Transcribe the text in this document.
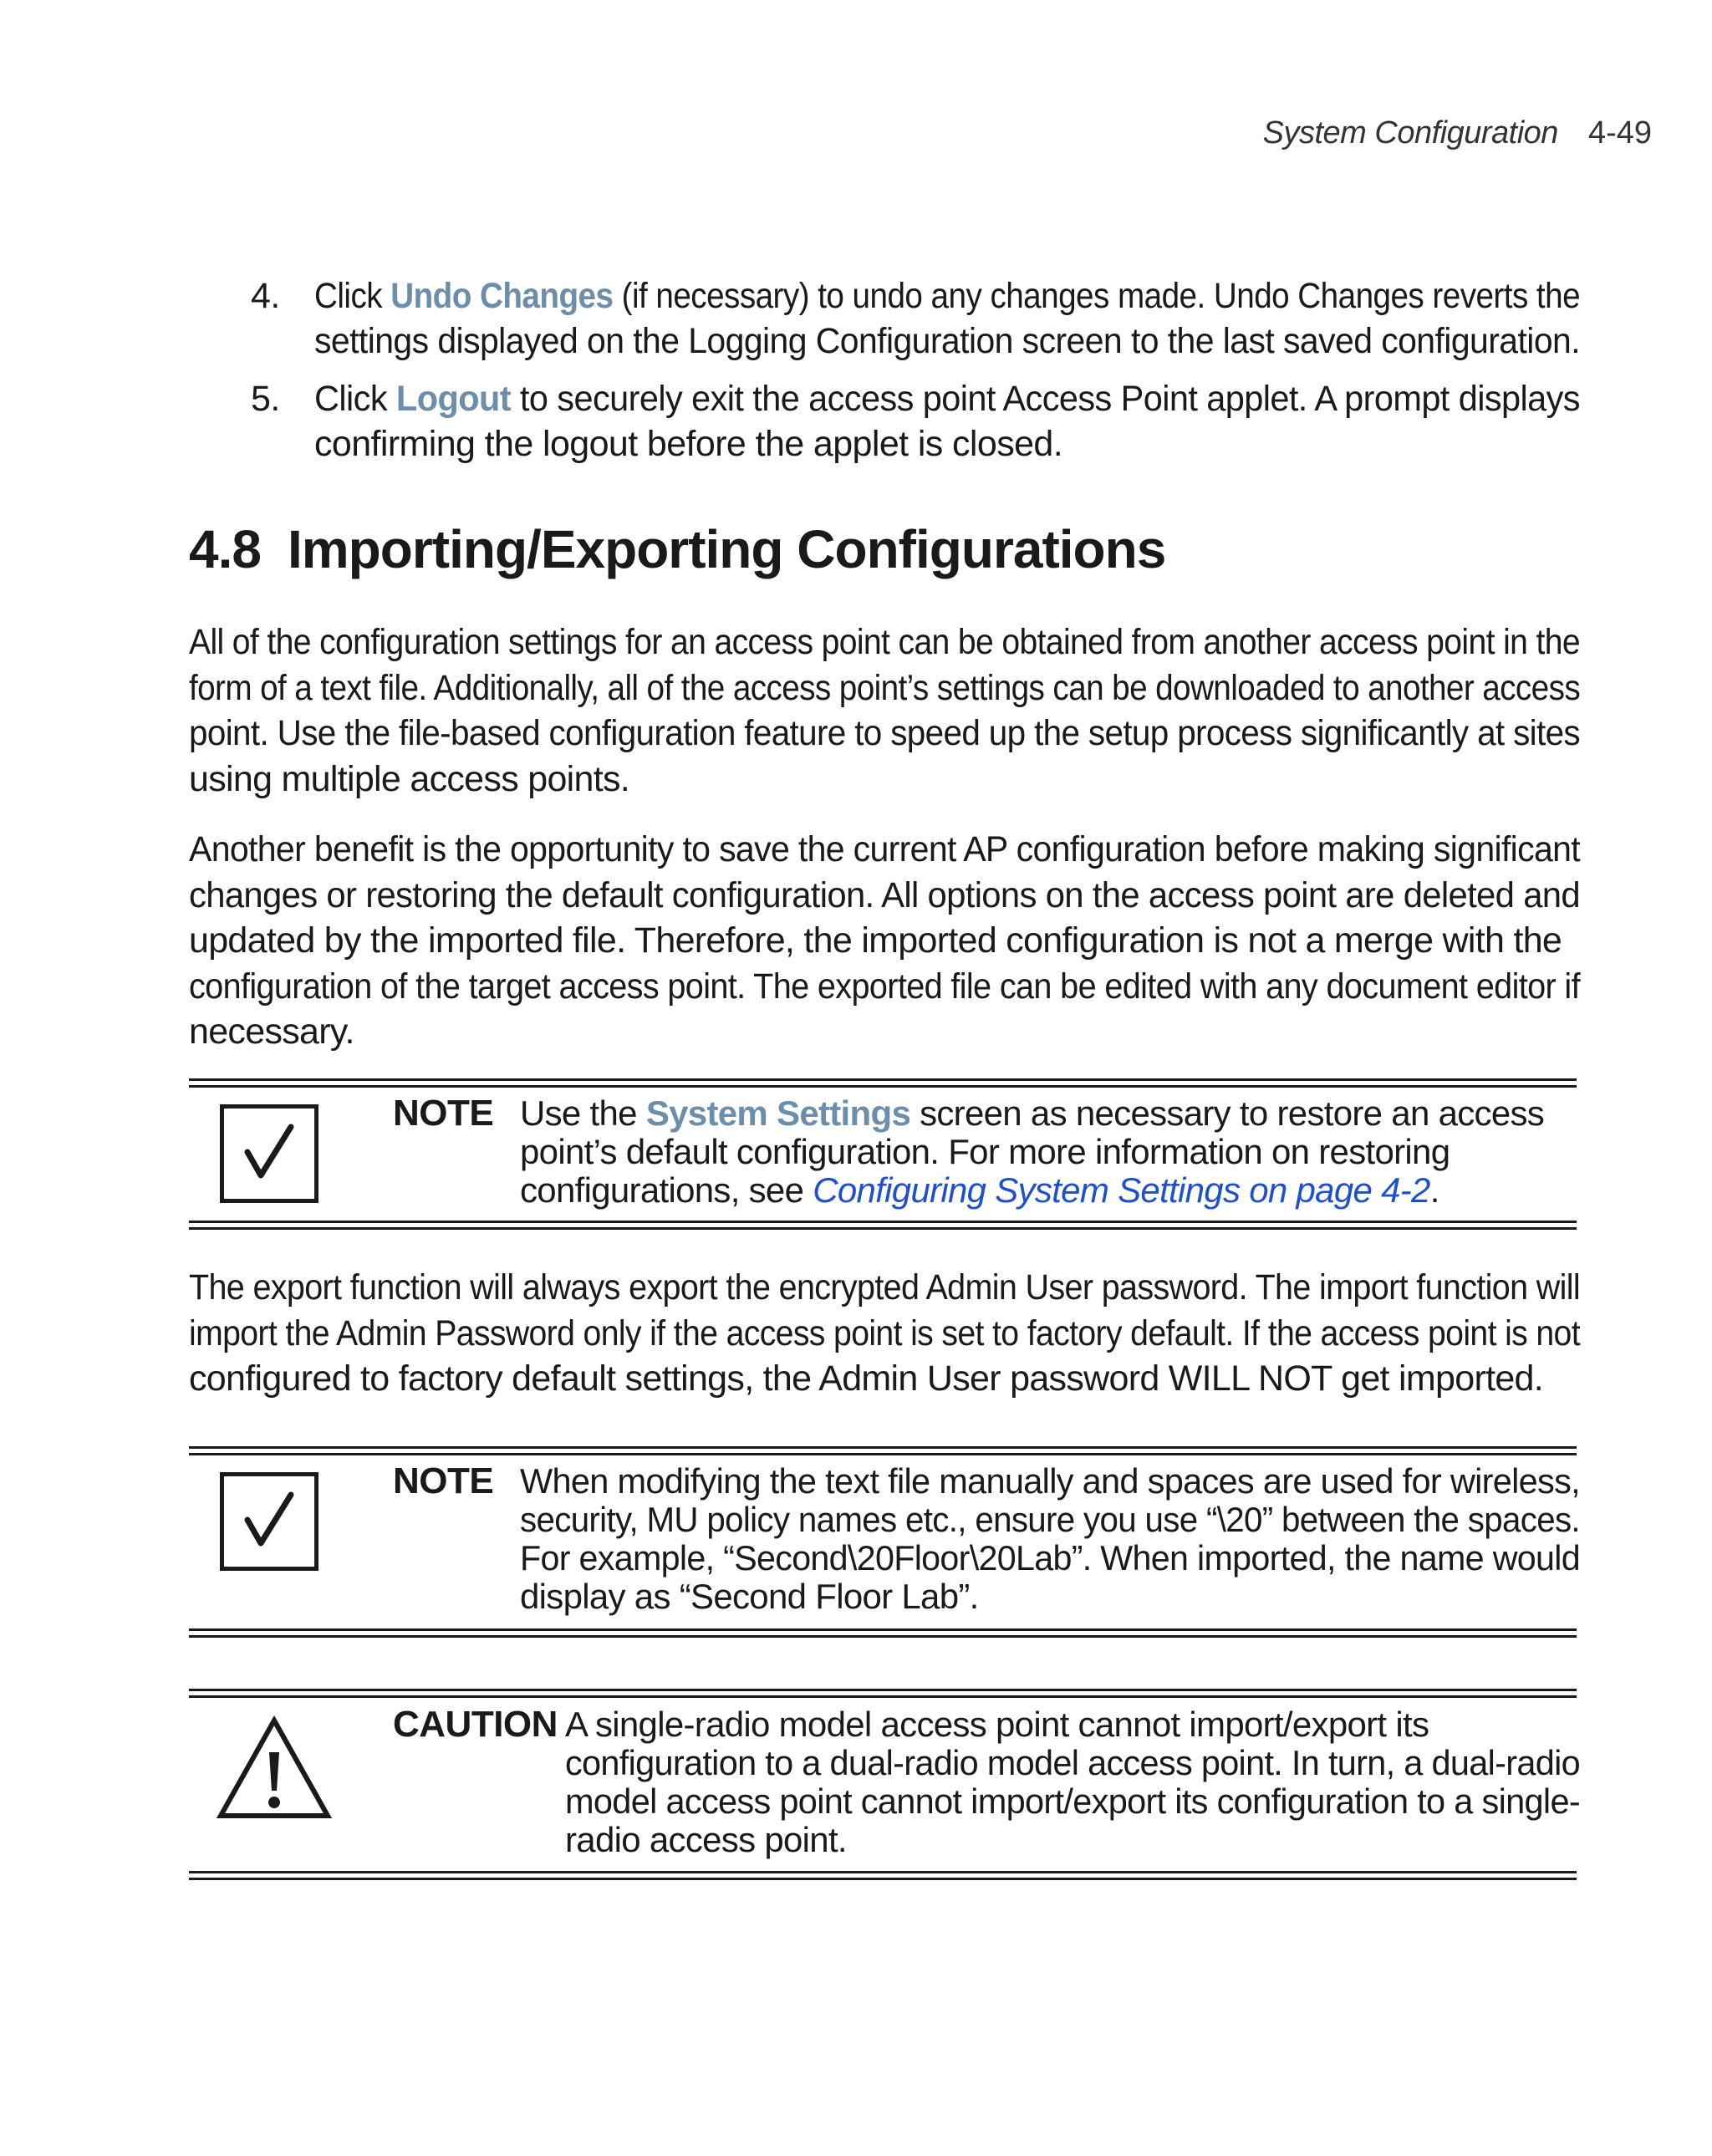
System Configuration 4-49
4. Click Undo Changes (if necessary) to undo any changes made. Undo Changes reverts the
settings displayed on the Logging Configuration screen to the last saved configuration.
5. Click Logout to securely exit the access point Access Point applet. A prompt displays
confirming the logout before the applet is closed.
4.8 Importing/Exporting Configurations
All of the configuration settings for an access point can be obtained from another access point in the
form of a text file. Additionally, all of the access point’s settings can be downloaded to another access
point. Use the file-based configuration feature to speed up the setup process significantly at sites
using multiple access points.
Another benefit is the opportunity to save the current AP configuration before making significant
changes or restoring the default configuration. All options on the access point are deleted and
updated by the imported file. Therefore, the imported configuration is not a merge with the
configuration of the target access point. The exported file can be edited with any document editor if
necessary.
NOTE Use the System Settings screen as necessary to restore an access
point’s default configuration. For more information on restoring
configurations, see Configuring System Settings on page 4-2.
The export function will always export the encrypted Admin User password. The import function will
import the Admin Password only if the access point is set to factory default. If the access point is not
configured to factory default settings, the Admin User password WILL NOT get imported.
NOTE When modifying the text file manually and spaces are used for wireless,
security, MU policy names etc., ensure you use “\20” between the spaces.
For example, “Second\20Floor\20Lab”. When imported, the name would
display as “Second Floor Lab”.
CAUTION A single-radio model access point cannot import/export its
configuration to a dual-radio model access point. In turn, a dual-radio
model access point cannot import/export its configuration to a single-
radio access point.
